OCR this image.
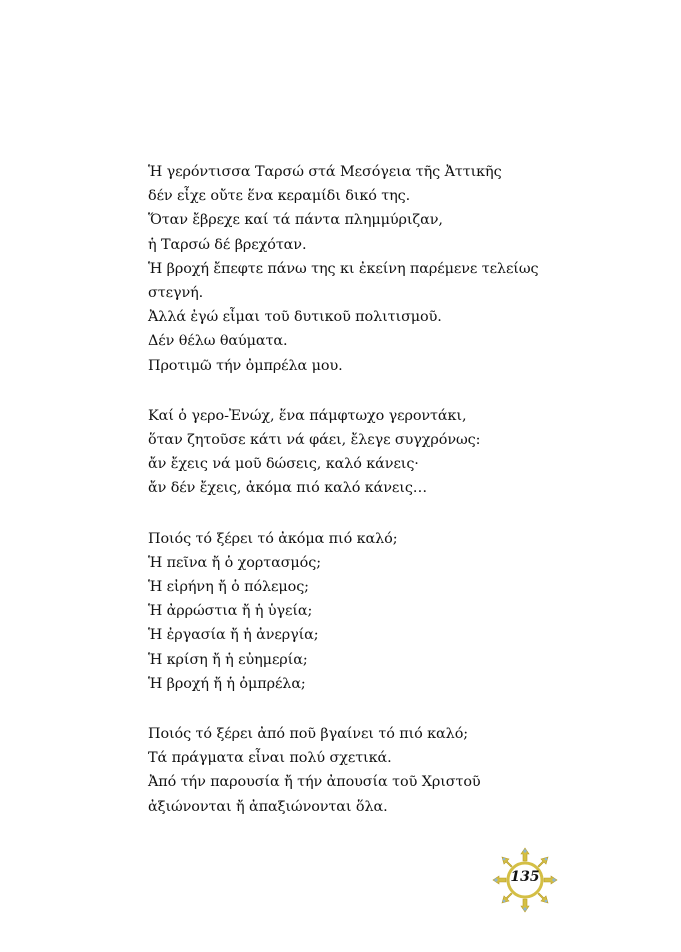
Ἡ γερόντισσα Ταρσώ στά Μεσόγεια τῆς Ἀττικῆς
δέν εἶχε οὔτε ἕνα κεραμίδι δικό της.
Ὅταν ἔβρεχε καί τά πάντα πλημμύριζαν,
ἡ Ταρσώ δέ βρεχόταν.
Ἡ βροχή ἔπεφτε πάνω της κι ἐκείνη παρέμενε τελείως
στεγνή.
Ἀλλά ἐγώ εἶμαι τοῦ δυτικοῦ πολιτισμοῦ.
Δέν θέλω θαύματα.
Προτιμῶ τήν ὀμπρέλα μου.
Καί ὁ γερο-Ἐνώχ, ἕνα πάμφτωχο γεροντάκι,
ὅταν ζητοῦσε κάτι νά φάει, ἔλεγε συγχρόνως:
ἄν ἔχεις νά μοῦ δώσεις, καλό κάνεις·
ἄν δέν ἔχεις, ἀκόμα πιό καλό κάνεις…
Ποιός τό ξέρει τό ἀκόμα πιό καλό;
Ἡ πεῖνα ἤ ὁ χορτασμός;
Ἡ εἰρήνη ἤ ὁ πόλεμος;
Ἡ ἀρρώστια ἤ ἡ ὑγεία;
Ἡ ἐργασία ἤ ἡ ἀνεργία;
Ἡ κρίση ἤ ἡ εὐημερία;
Ἡ βροχή ἤ ἡ ὀμπρέλα;
Ποιός τό ξέρει ἀπό ποῦ βγαίνει τό πιό καλό;
Τά πράγματα εἶναι πολύ σχετικά.
Ἀπό τήν παρουσία ἤ τήν ἀπουσία τοῦ Χριστοῦ
ἀξιώνονται ἤ ἀπαξιώνονται ὅλα.
135
